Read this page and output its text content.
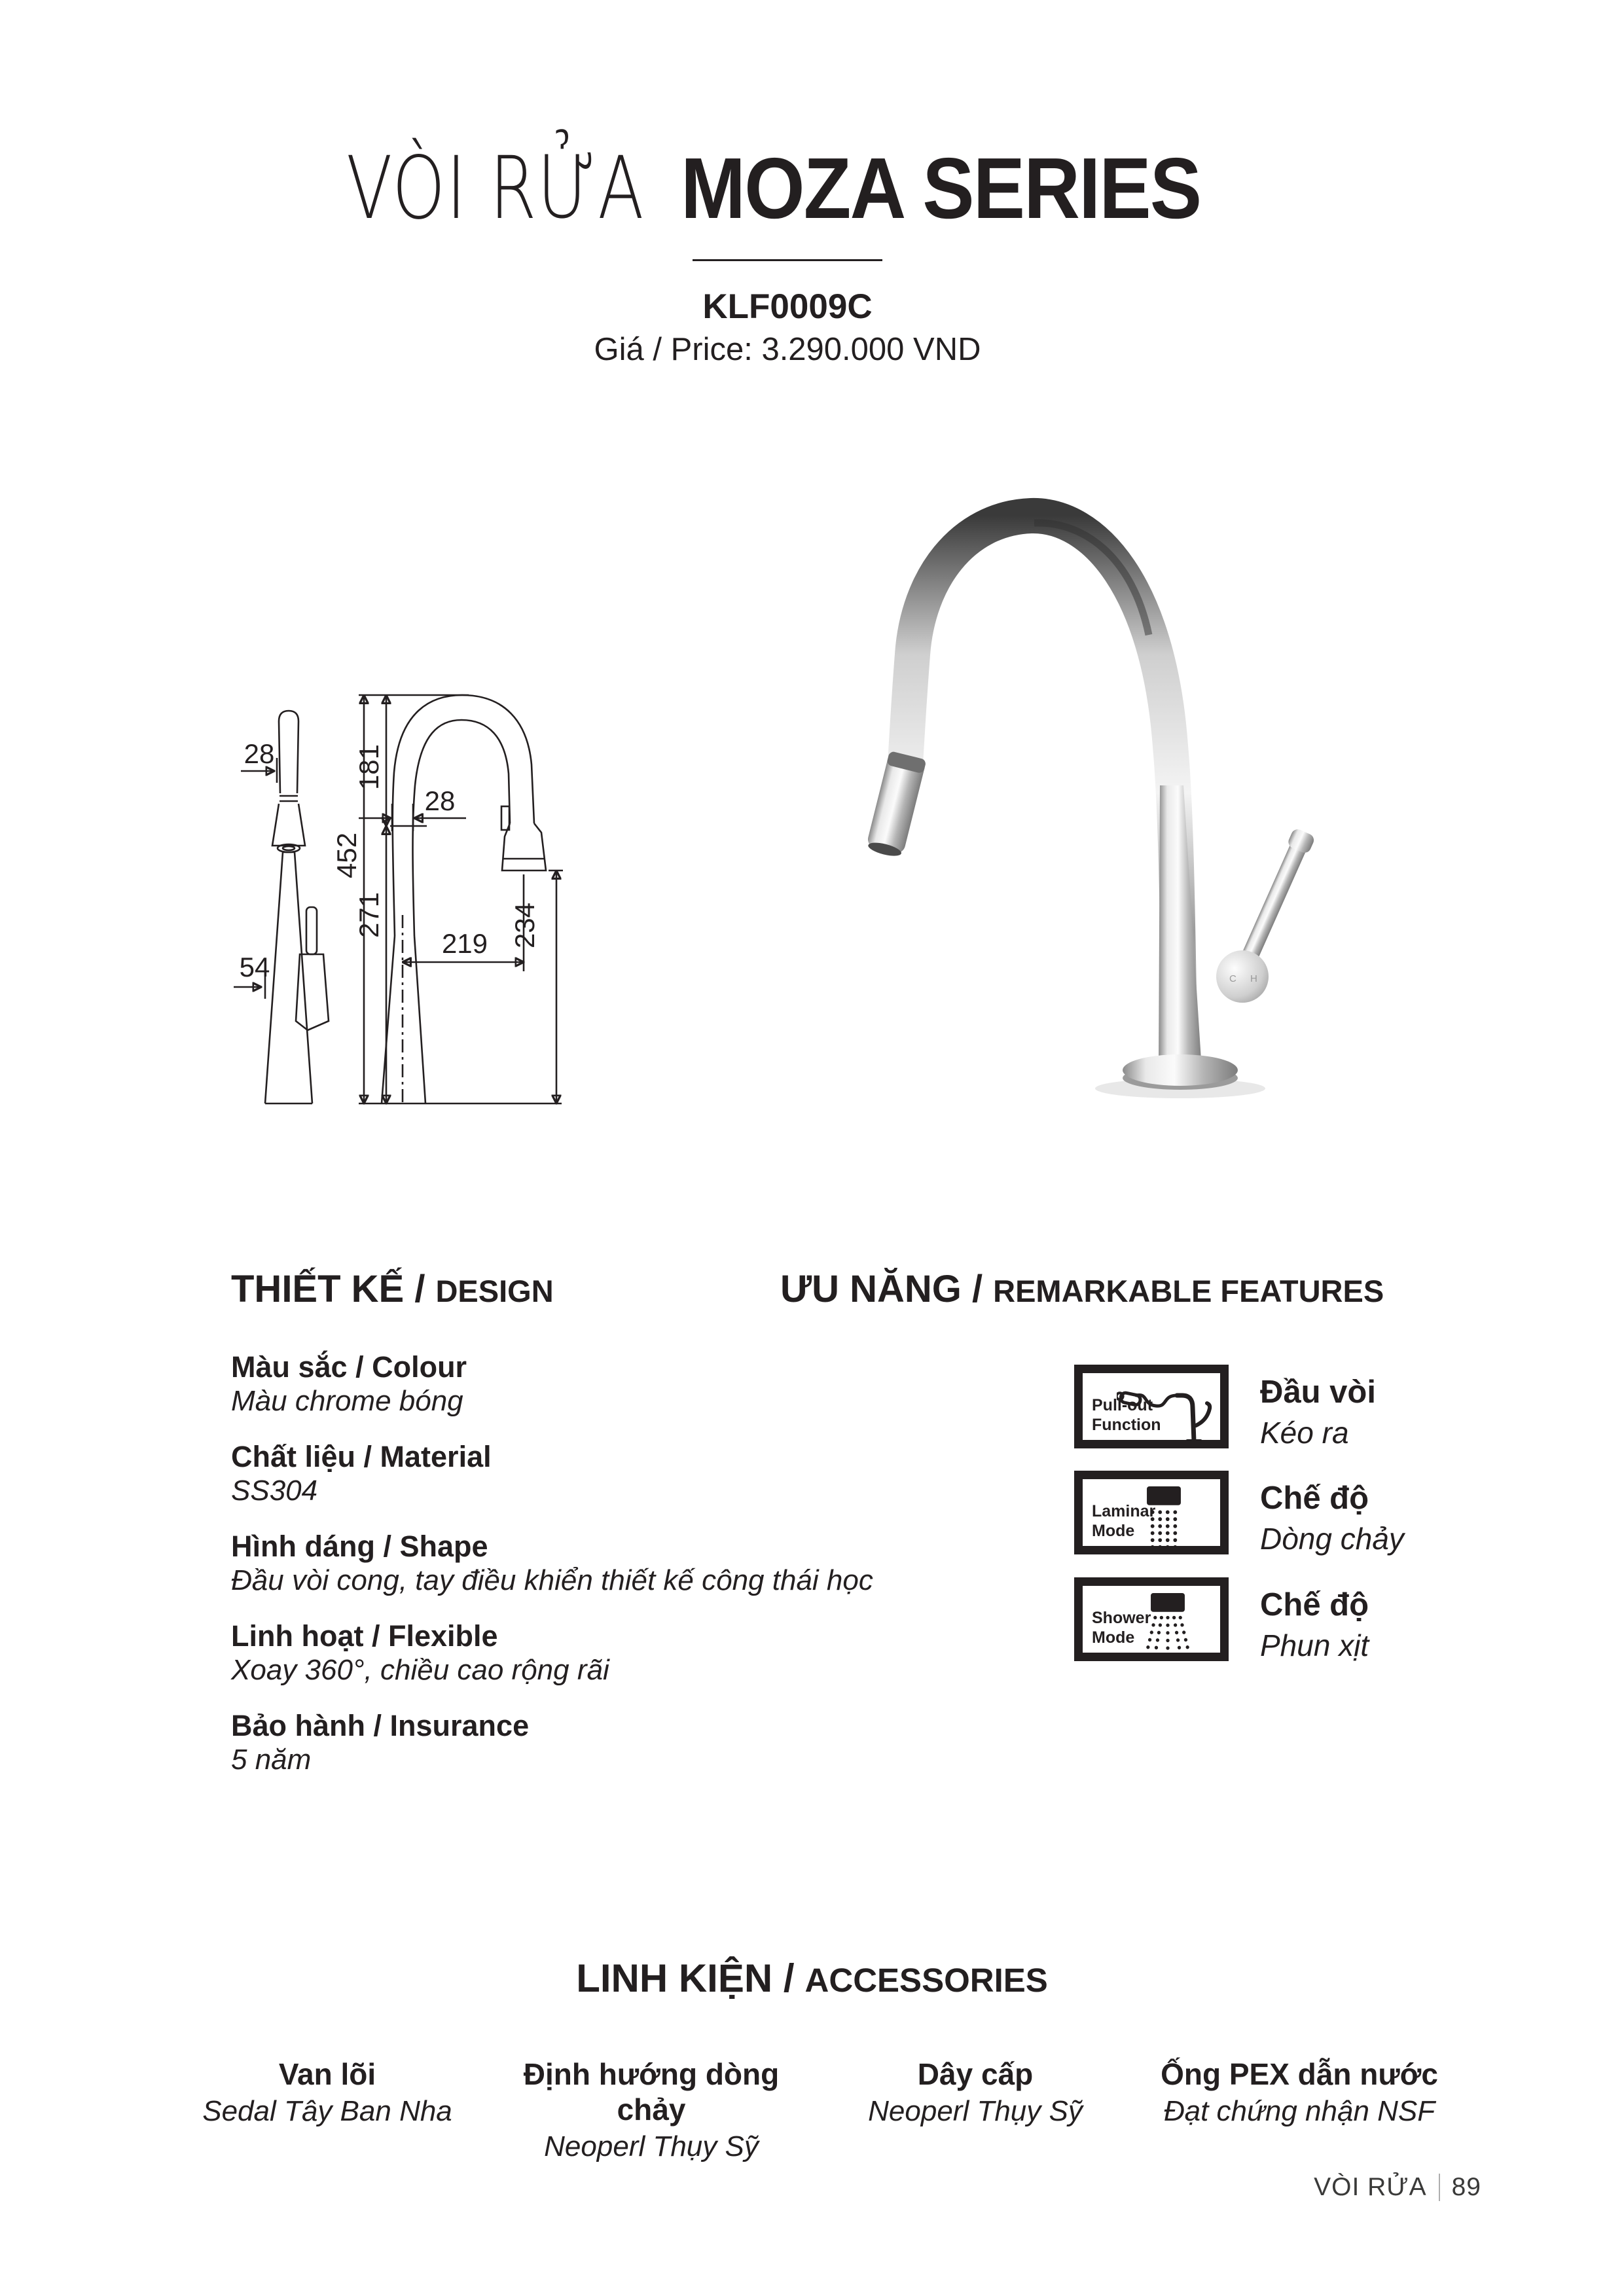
VÒI RỬA MOZA SERIES
KLF0009C
Giá / Price: 3.290.000 VND
28	181
452
28
271	234
219
54	C H
THIẾT KẾ / DESIGN
Màu sắc / Colour
Màu chrome bóng
Chất liệu / Material
SS304
Hình dáng / Shape
Đầu vòi cong, tay điều khiển thiết kế công thái học
Linh hoạt / Flexible
Xoay 360°, chiều cao rộng rãi
Bảo hành / Insurance
5 năm
ƯU NĂNG / REMARKABLE FEATURES
Pull-out
Function
Đầu vòi
Kéo ra
Laminar
Mode
Chế độ
Dòng chảy
Shower
Mode
Chế độ
Phun xịt
LINH KIỆN / ACCESSORIES
Van lõi
Sedal Tây Ban Nha
Định hướng dòng chảy
Neoperl Thụy Sỹ
Dây cấp
Neoperl Thụy Sỹ
Ống PEX dẫn nước
Đạt chứng nhận NSF
VÒI RỬA 89
